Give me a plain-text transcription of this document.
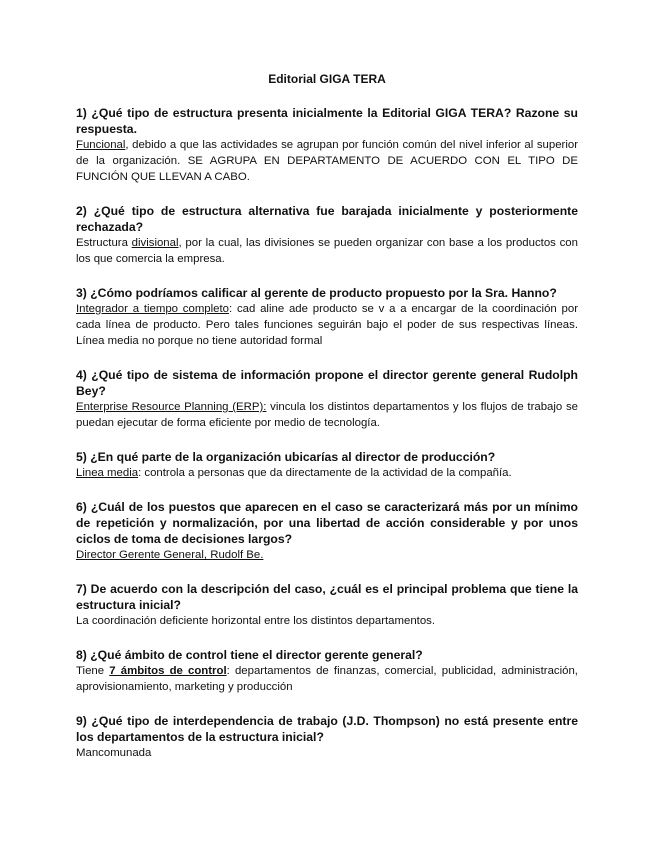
Editorial GIGA TERA
1) ¿Qué tipo de estructura presenta inicialmente la Editorial GIGA TERA? Razone su respuesta.
Funcional, debido a que las actividades se agrupan por función común del nivel inferior al superior de la organización. SE AGRUPA EN DEPARTAMENTO DE ACUERDO CON EL TIPO DE FUNCIÓN QUE LLEVAN A CABO.
2) ¿Qué tipo de estructura alternativa fue barajada inicialmente y posteriormente rechazada?
Estructura divisional, por la cual, las divisiones se pueden organizar con base a los productos con los que comercia la empresa.
3) ¿Cómo podríamos calificar al gerente de producto propuesto por la Sra. Hanno?
Integrador a tiempo completo: cad aline ade producto se v a a encargar de la coordinación por cada línea de producto. Pero tales funciones seguirán bajo el poder de sus respectivas líneas. Línea media no porque no tiene autoridad formal
4) ¿Qué tipo de sistema de información propone el director gerente general Rudolph Bey?
Enterprise Resource Planning (ERP): vincula los distintos departamentos y los flujos de trabajo se puedan ejecutar de forma eficiente por medio de tecnología.
5) ¿En qué parte de la organización ubicarías al director de producción?
Linea media: controla a personas que da directamente de la actividad de la compañía.
6) ¿Cuál de los puestos que aparecen en el caso se caracterizará más por un mínimo de repetición y normalización, por una libertad de acción considerable y por unos ciclos de toma de decisiones largos?
Director Gerente General, Rudolf Be.
7) De acuerdo con la descripción del caso, ¿cuál es el principal problema que tiene la estructura inicial?
La coordinación deficiente horizontal entre los distintos departamentos.
8) ¿Qué ámbito de control tiene el director gerente general?
Tiene 7 ámbitos de control: departamentos de finanzas, comercial, publicidad, administración, aprovisionamiento, marketing y producción
9) ¿Qué tipo de interdependencia de trabajo (J.D. Thompson) no está presente entre los departamentos de la estructura inicial?
Mancomunada
